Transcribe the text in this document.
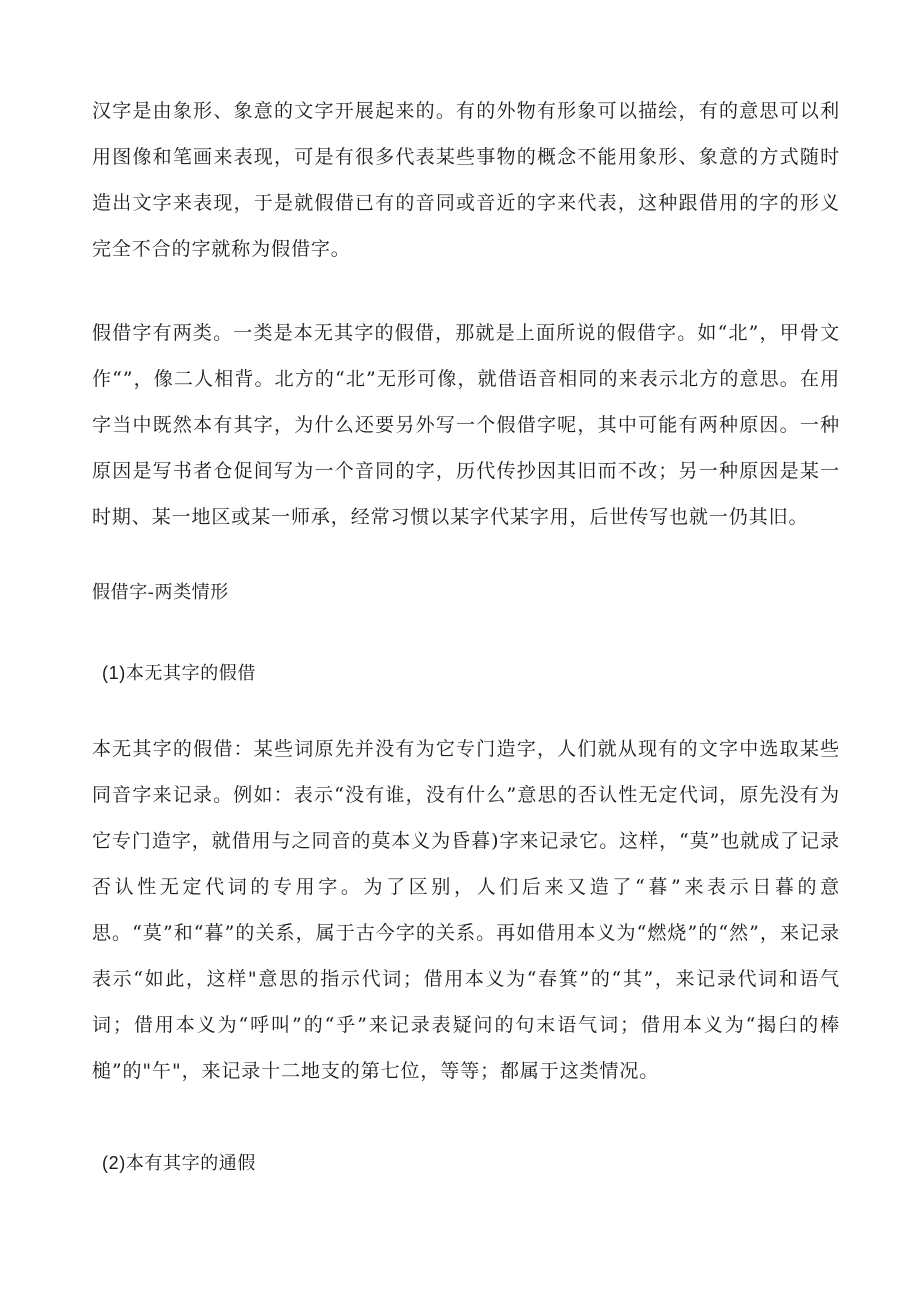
汉字是由象形、象意的文字开展起来的。有的外物有形象可以描绘，有的意思可以利用图像和笔画来表现，可是有很多代表某些事物的概念不能用象形、象意的方式随时造出文字来表现，于是就假借已有的音同或音近的字来代表，这种跟借用的字的形义完全不合的字就称为假借字。

假借字有两类。一类是本无其字的假借，那就是上面所说的假借字。如“北”，甲骨文作“”，像二人相背。北方的“北”无形可像，就借语音相同的来表示北方的意思。在用字当中既然本有其字，为什么还要另外写一个假借字呢，其中可能有两种原因。一种原因是写书者仓促间写为一个音同的字，历代传抄因其旧而不改；另一种原因是某一时期、某一地区或某一师承，经常习惯以某字代某字用，后世传写也就一仍其旧。

假借字-两类情形
(1)本无其字的假借

本无其字的假借：某些词原先并没有为它专门造字，人们就从现有的文字中选取某些同音字来记录。例如：表示“没有谁，没有什么”意思的否认性无定代词，原先没有为它专门造字，就借用与之同音的莫本义为昏暮)字来记录它。这样，“莫”也就成了记录否认性无定代词的专用字。为了区别，人们后来又造了“暮”来表示日暮的意思。“莫”和“暮”的关系，属于古今字的关系。再如借用本义为“燃烧”的“然”，来记录表示“如此，这样"意思的指示代词；借用本义为“春箕”的“其”，来记录代词和语气词；借用本义为“呼叫”的“乎”来记录表疑问的句末语气词；借用本义为“揭臼的棒槌”的"午"，来记录十二地支的第七位，等等；都属于这类情况。

(2)本有其字的通假
